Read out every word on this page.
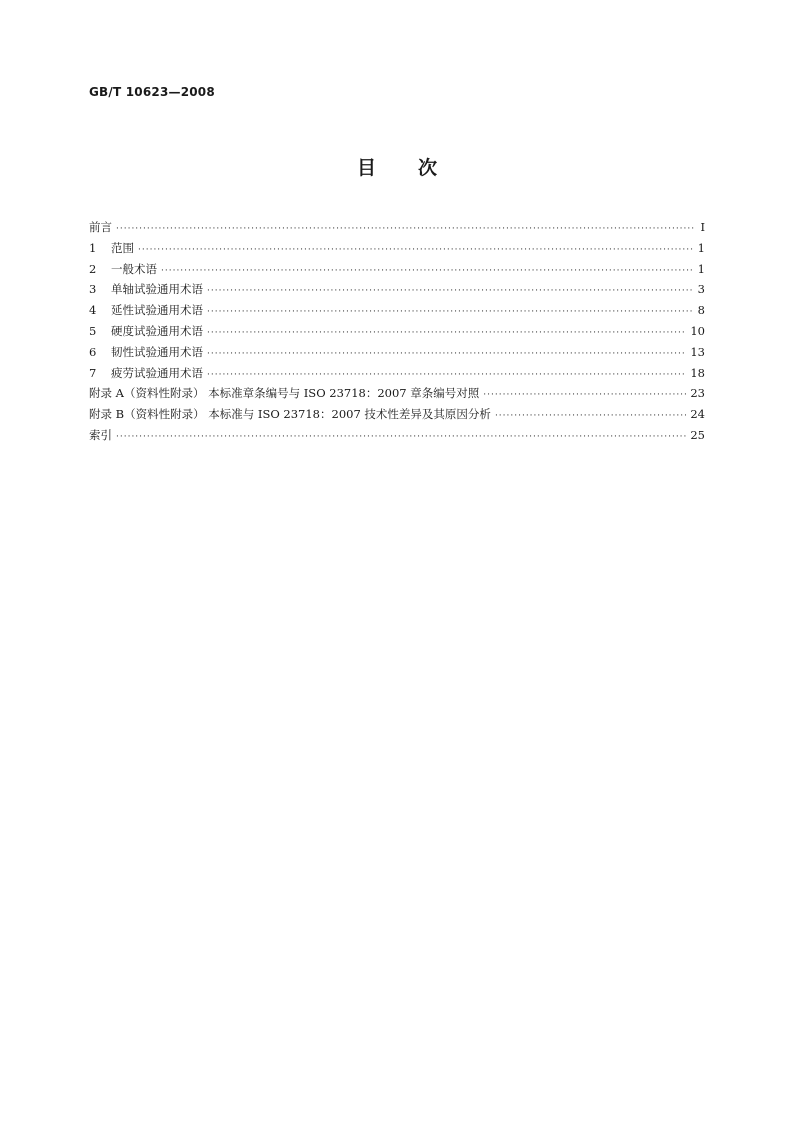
GB/T 10623—2008
目次
前言 ·····	Ⅰ
1	范围 ·····	1
2	一般术语 ·····	1
3	单轴试验通用术语 ·····	3
4	延性试验通用术语 ·····	8
5	硬度试验通用术语 ·····	10
6	韧性试验通用术语 ·····	13
7	疲劳试验通用术语 ·····	18
附录 A（资料性附录） 本标准章条编号与 ISO 23718：2007 章条编号对照 ·····	23
附录 B（资料性附录） 本标准与 ISO 23718：2007 技术性差异及其原因分析 ·····	24
索引 ·····	25
